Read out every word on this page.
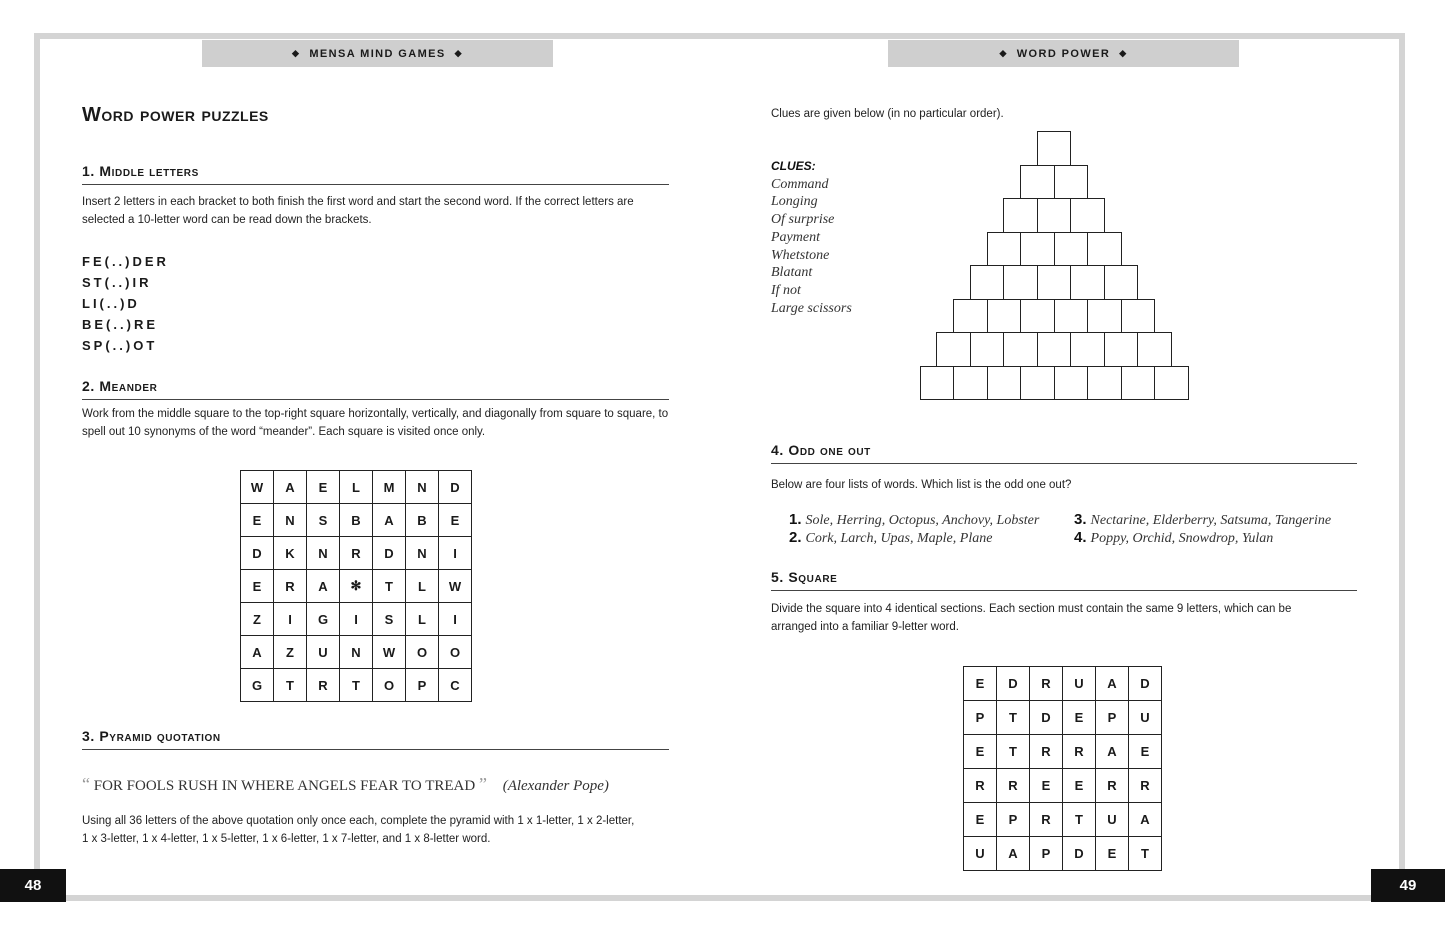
◆ MENSA MIND GAMES ◆	◆ WORD POWER ◆
48	49
Word power puzzles
1. Middle letters
Insert 2 letters in each bracket to both finish the first word and start the second word. If the correct letters are selected a 10-letter word can be read down the brackets.
FE(..)DER
ST(..)IR
LI(..)D
BE(..)RE
SP(..)OT
2. Meander
Work from the middle square to the top-right square horizontally, vertically, and diagonally from square to square, to spell out 10 synonyms of the word “meander”. Each square is visited once only.
W	A	E	L	M	N	D
E	N	S	B	A	B	E
D	K	N	R	D	N	I
E	R	A	✻	T	L	W
Z	I	G	I	S	L	I
A	Z	U	N	W	O	O
G	T	R	T	O	P	C
3. Pyramid quotation
“ FOR FOOLS RUSH IN WHERE ANGELS FEAR TO TREAD ” (Alexander Pope)
Using all 36 letters of the above quotation only once each, complete the pyramid with 1 x 1-letter, 1 x 2-letter, 1 x 3-letter, 1 x 4-letter, 1 x 5-letter, 1 x 6-letter, 1 x 7-letter, and 1 x 8-letter word.
Clues are given below (in no particular order).
CLUES:
Command
Longing
Of surprise
Payment
Whetstone
Blatant
If not
Large scissors
4. Odd one out
Below are four lists of words. Which list is the odd one out?
1. Sole, Herring, Octopus, Anchovy, Lobster
2. Cork, Larch, Upas, Maple, Plane
3. Nectarine, Elderberry, Satsuma, Tangerine
4. Poppy, Orchid, Snowdrop, Yulan
5. Square
Divide the square into 4 identical sections. Each section must contain the same 9 letters, which can be arranged into a familiar 9-letter word.
E	D	R	U	A	D
P	T	D	E	P	U
E	T	R	R	A	E
R	R	E	E	R	R
E	P	R	T	U	A
U	A	P	D	E	T
